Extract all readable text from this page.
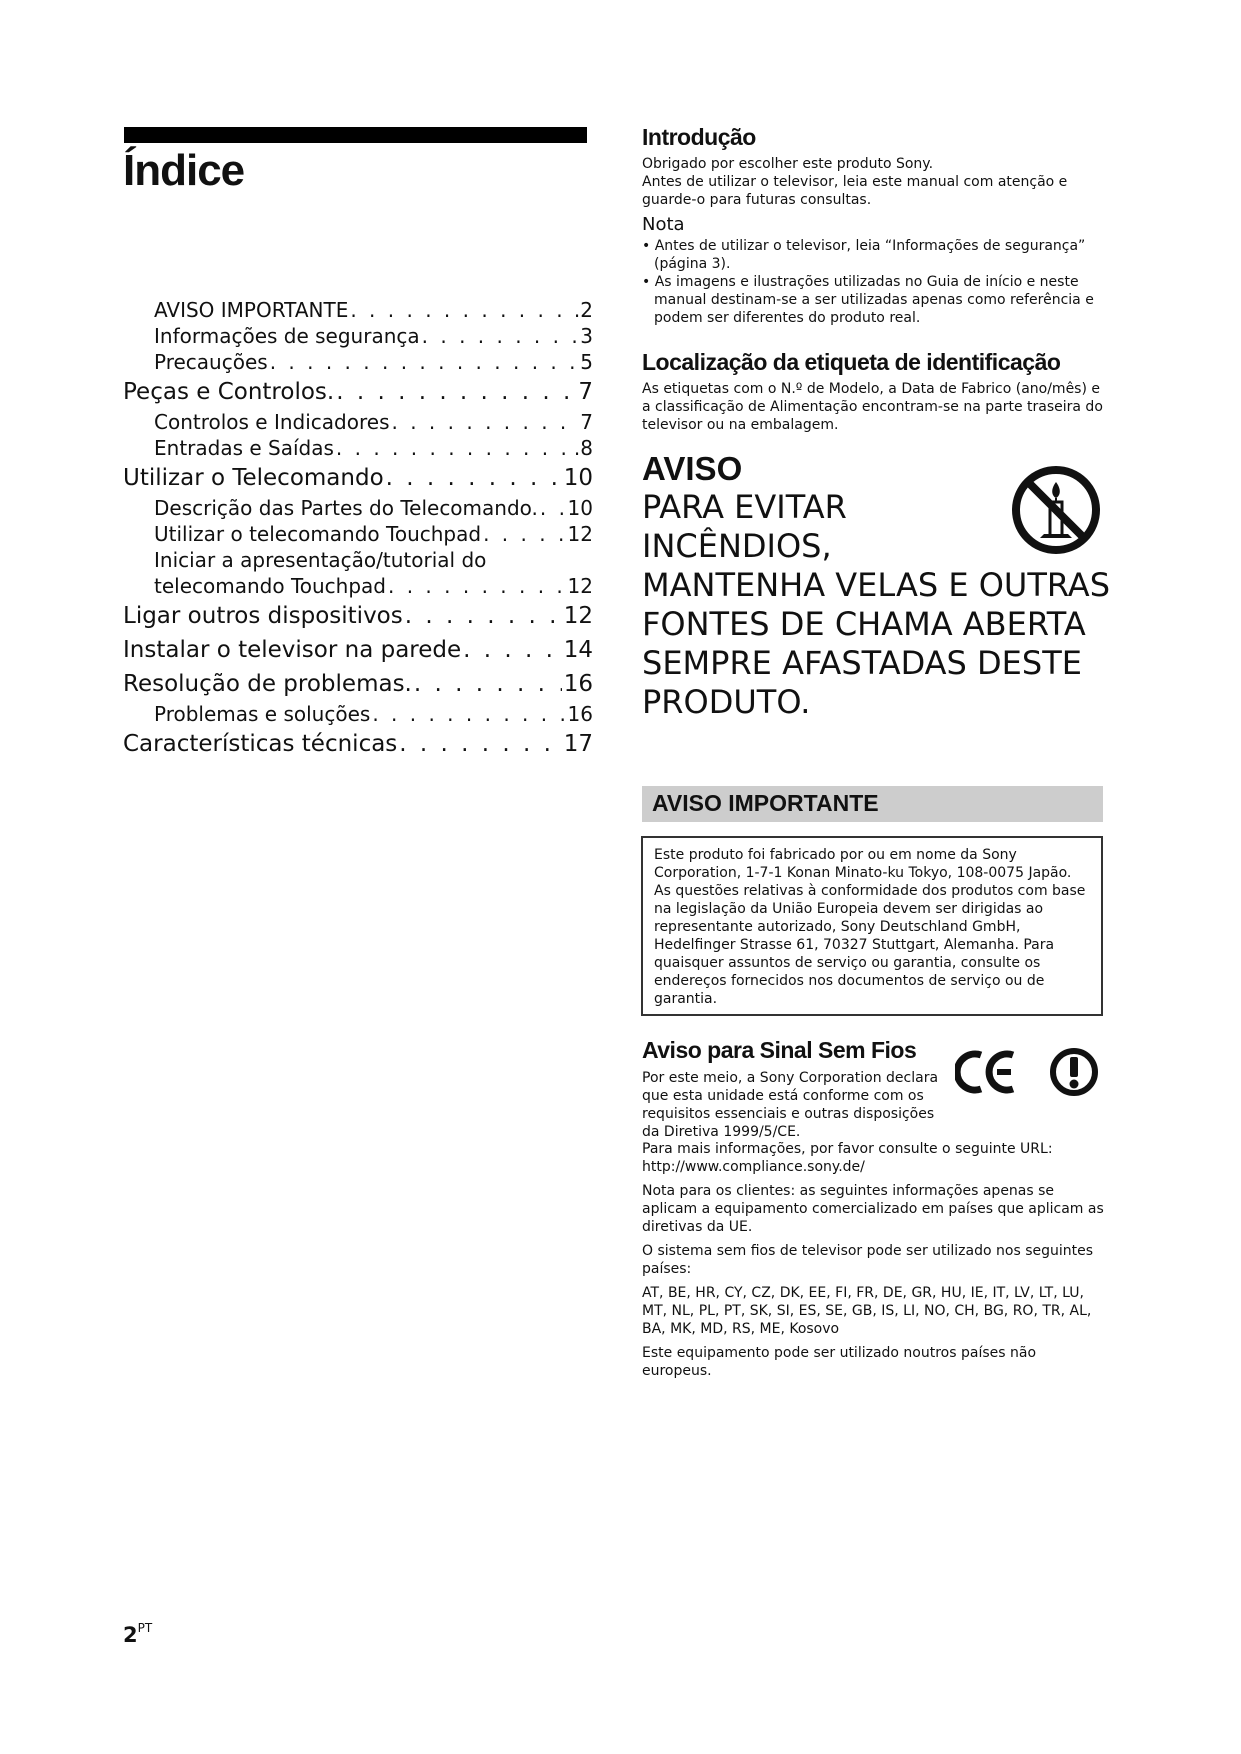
Índice
AVISO IMPORTANTE . . .	.2
Informações de segurança . . .	3
Precauções . . .	5
Peças e Controlos. . . .	7
Controlos e Indicadores . . .	7
Entradas e Saídas . . .	.8
Utilizar o Telecomando . . .	10
Descrição das Partes do Telecomando. . . . 10
Utilizar o telecomando Touchpad . . .	12
Iniciar a apresentação/tutorial do
telecomando Touchpad . . .	12
Ligar outros dispositivos . . .	12
Instalar o televisor na parede . . .	14
Resolução de problemas. . . .	16
Problemas e soluções . . .	16
Características técnicas . . .	17
Introdução

Obrigado por escolher este produto Sony.

Antes de utilizar o televisor, leia este manual com atenção e guarde-o para futuras consultas.

Nota
• Antes de utilizar o televisor, leia “Informações de segurança” (página 3).
• As imagens e ilustrações utilizadas no Guia de início e neste manual destinam-se a ser utilizadas apenas como referência e podem ser diferentes do produto real.
Localização da etiqueta de identificação

As etiquetas com o N.º de Modelo, a Data de Fabrico (ano/mês) e a classificação de Alimentação encontram-se na parte traseira do televisor ou na embalagem.

AVISO
PARA EVITAR
INCÊNDIOS,
MANTENHA VELAS E OUTRAS
FONTES DE CHAMA ABERTA
SEMPRE AFASTADAS DESTE
PRODUTO.
AVISO IMPORTANTE

Este produto foi fabricado por ou em nome da Sony Corporation, 1-7-1 Konan Minato-ku Tokyo, 108-0075 Japão. As questões relativas à conformidade dos produtos com base na legislação da União Europeia devem ser dirigidas ao representante autorizado, Sony Deutschland GmbH, Hedelfinger Strasse 61, 70327 Stuttgart, Alemanha. Para quaisquer assuntos de serviço ou garantia, consulte os endereços fornecidos nos documentos de serviço ou de garantia.

Aviso para Sinal Sem Fios

Por este meio, a Sony Corporation declara que esta unidade está conforme com os requisitos essenciais e outras disposições da Diretiva 1999/5/CE.

Para mais informações, por favor consulte o seguinte URL: http://www.compliance.sony.de/

Nota para os clientes: as seguintes informações apenas se aplicam a equipamento comercializado em países que aplicam as diretivas da UE.

O sistema sem fios de televisor pode ser utilizado nos seguintes países:

AT, BE, HR, CY, CZ, DK, EE, FI, FR, DE, GR, HU, IE, IT, LV, LT, LU, MT, NL, PL, PT, SK, SI, ES, SE, GB, IS, LI, NO, CH, BG, RO, TR, AL, BA, MK, MD, RS, ME, Kosovo

Este equipamento pode ser utilizado noutros países não europeus.

$2^{PT}$
